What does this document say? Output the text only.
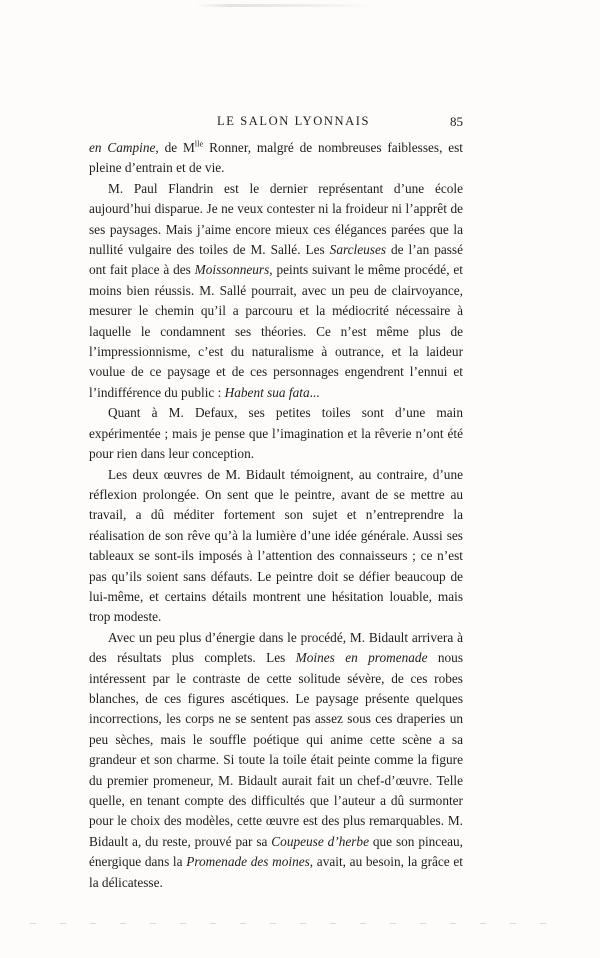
LE SALON LYONNAIS	85

en Campine, de $M^{lle}$ Ronner, malgré de nombreuses faiblesses, est pleine d’entrain et de vie.

M. Paul Flandrin est le dernier représentant d’une école aujourd’hui disparue. Je ne veux contester ni la froideur ni l’apprêt de ses paysages. Mais j’aime encore mieux ces élégances parées que la nullité vulgaire des toiles de M. Sallé. Les Sarcleuses de l’an passé ont fait place à des Moissonneurs, peints suivant le même procédé, et moins bien réussis. M. Sallé pourrait, avec un peu de clairvoyance, mesurer le chemin qu’il a parcouru et la médiocrité nécessaire à laquelle le condamnent ses théories. Ce n’est même plus de l’impressionnisme, c’est du naturalisme à outrance, et la laideur voulue de ce paysage et de ces personnages engendrent l’ennui et l’indifférence du public : Habent sua fata...

Quant à M. Defaux, ses petites toiles sont d’une main expérimentée ; mais je pense que l’imagination et la rêverie n’ont été pour rien dans leur conception.

Les deux œuvres de M. Bidault témoignent, au contraire, d’une réflexion prolongée. On sent que le peintre, avant de se mettre au travail, a dû méditer fortement son sujet et n’entreprendre la réalisation de son rêve qu’à la lumière d’une idée générale. Aussi ses tableaux se sont-ils imposés à l’attention des connaisseurs ; ce n’est pas qu’ils soient sans défauts. Le peintre doit se défier beaucoup de lui-même, et certains détails montrent une hésitation louable, mais trop modeste.

Avec un peu plus d’énergie dans le procédé, M. Bidault arrivera à des résultats plus complets. Les Moines en promenade nous intéressent par le contraste de cette solitude sévère, de ces robes blanches, de ces figures ascétiques. Le paysage présente quelques incorrections, les corps ne se sentent pas assez sous ces draperies un peu sèches, mais le souffle poétique qui anime cette scène a sa grandeur et son charme. Si toute la toile était peinte comme la figure du premier promeneur, M. Bidault aurait fait un chef-d’œuvre. Telle quelle, en tenant compte des difficultés que l’auteur a dû surmonter pour le choix des modèles, cette œuvre est des plus remarquables. M. Bidault a, du reste, prouvé par sa Coupeuse d’herbe que son pinceau, énergique dans la Promenade des moines, avait, au besoin, la grâce et la délicatesse.
